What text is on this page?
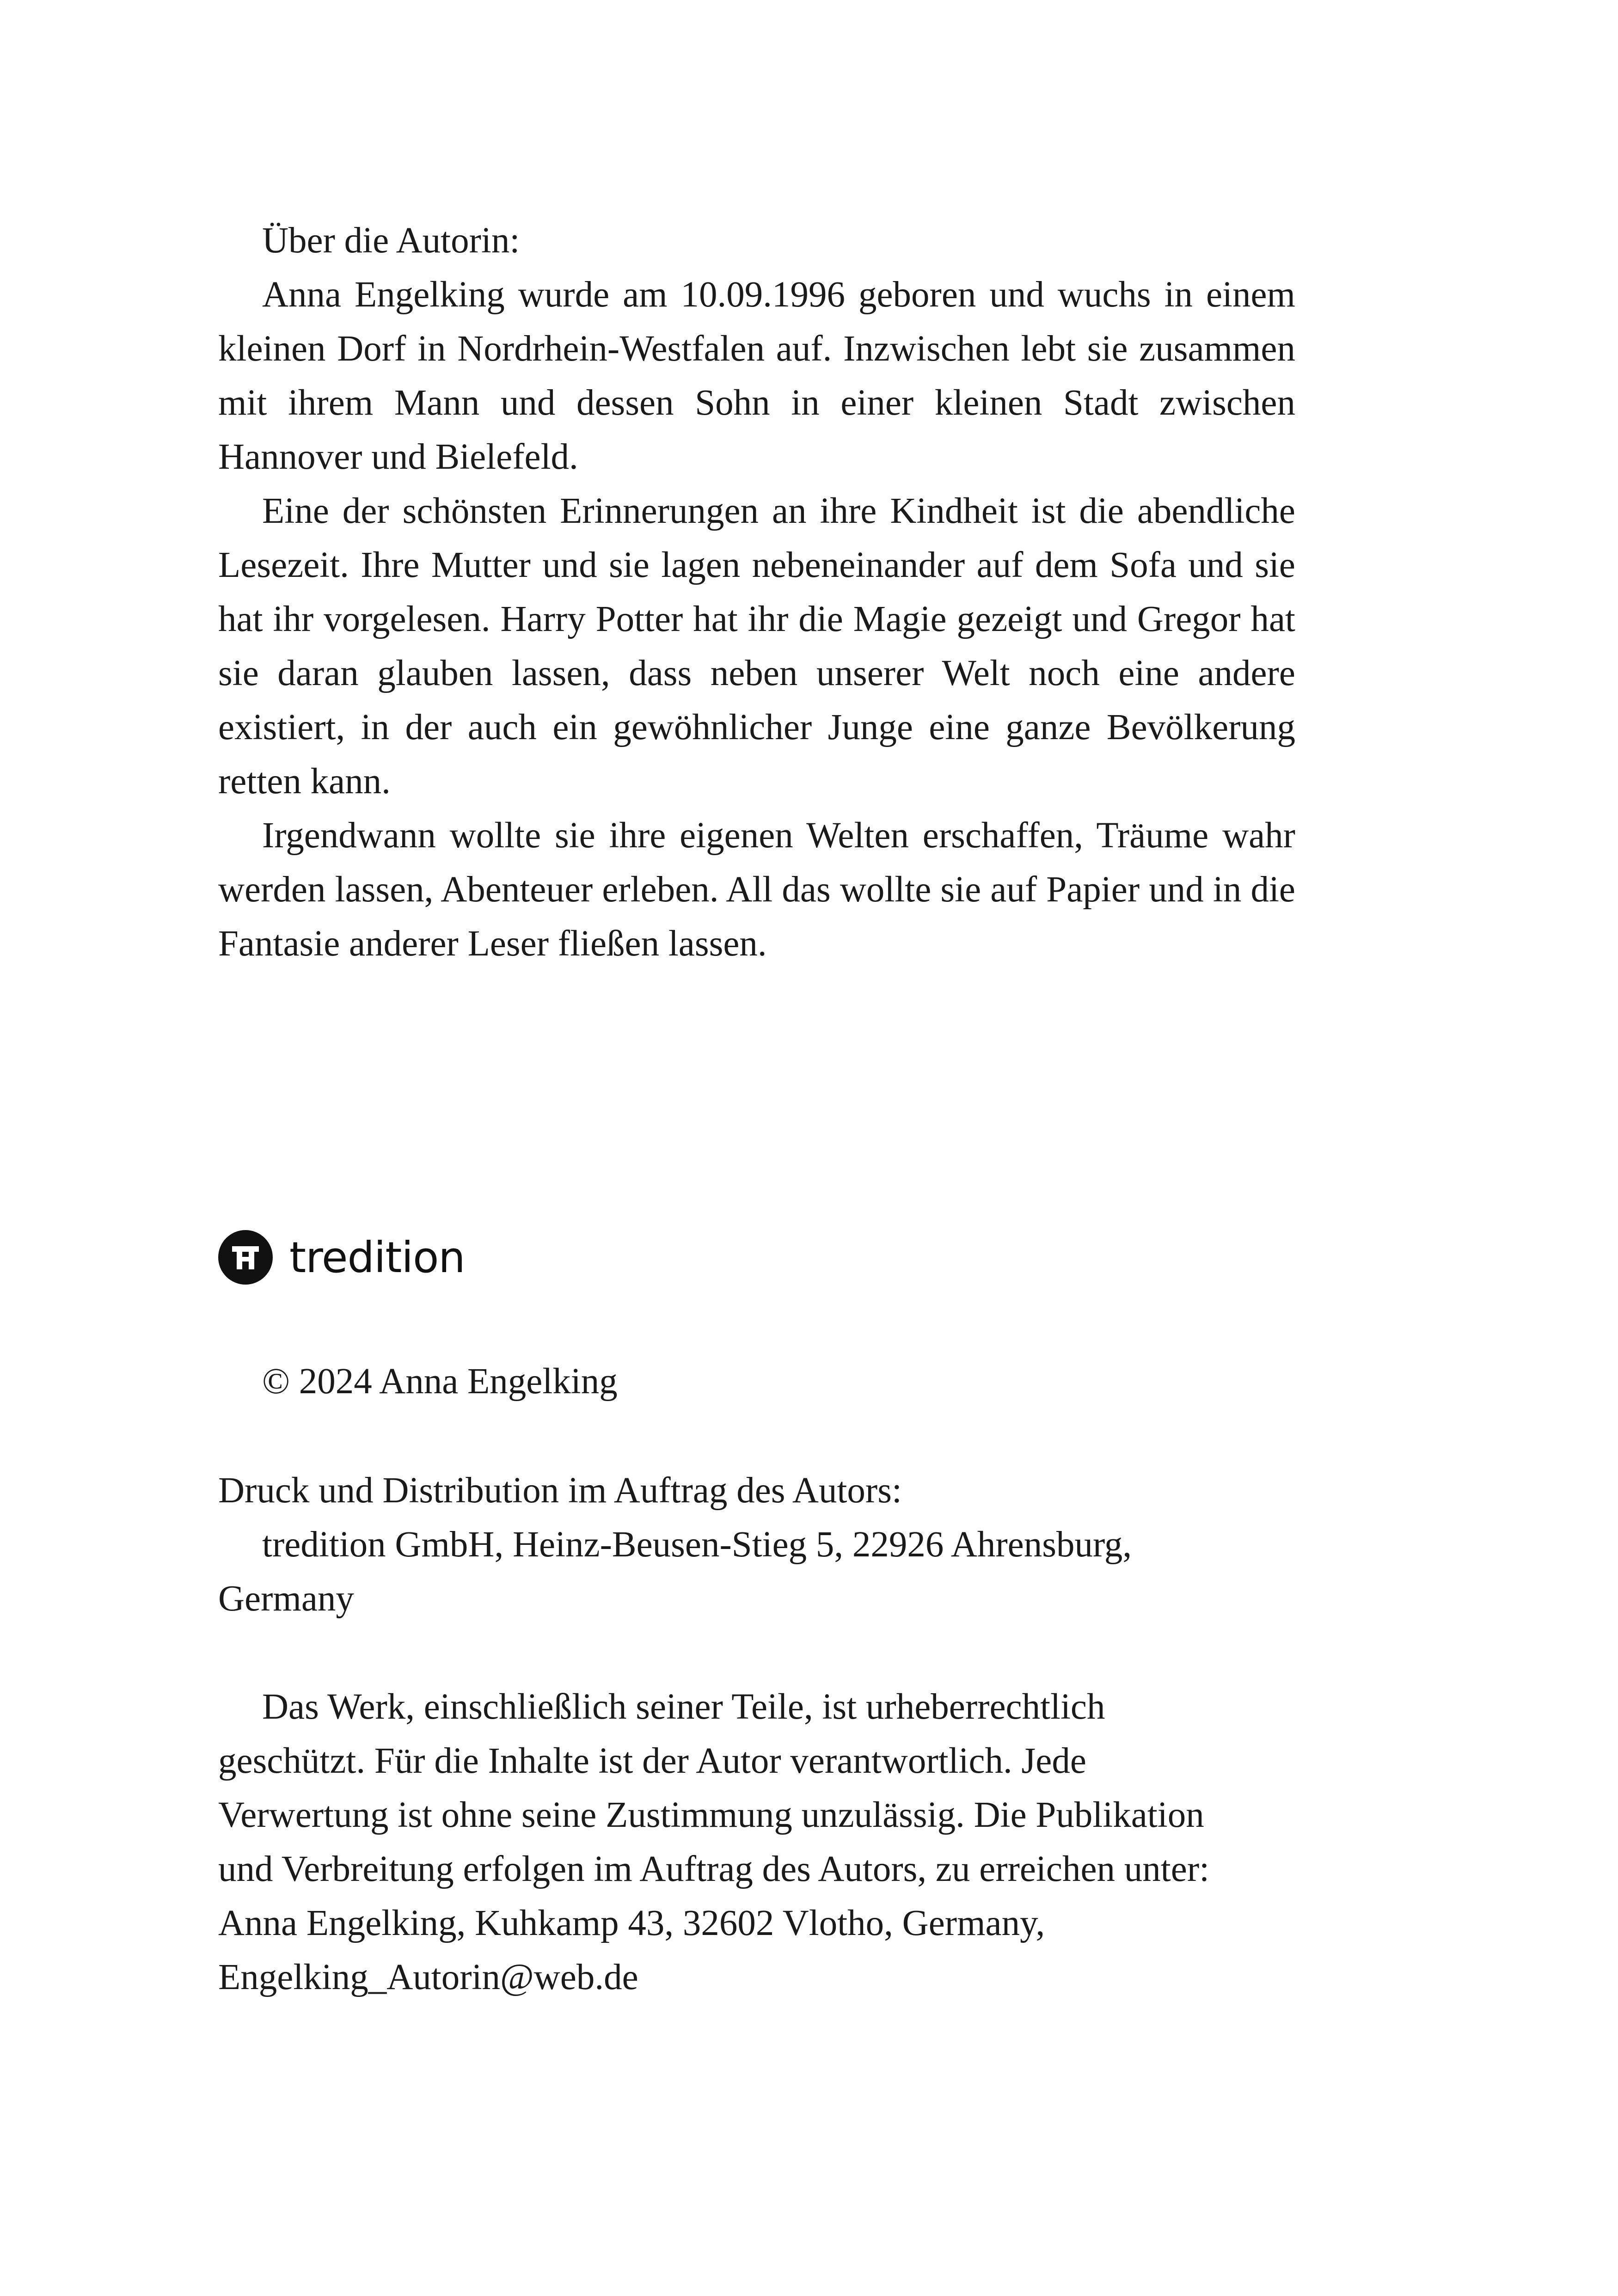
Über die Autorin:

Anna Engelking wurde am 10.09.1996 geboren und wuchs in einem kleinen Dorf in Nordrhein-Westfalen auf. Inzwischen lebt sie zusammen mit ihrem Mann und dessen Sohn in einer kleinen Stadt zwischen Hannover und Bielefeld.

Eine der schönsten Erinnerungen an ihre Kindheit ist die abendliche Lesezeit. Ihre Mutter und sie lagen nebeneinander auf dem Sofa und sie hat ihr vorgelesen. Harry Potter hat ihr die Magie gezeigt und Gregor hat sie daran glauben lassen, dass neben unserer Welt noch eine andere existiert, in der auch ein gewöhnlicher Junge eine ganze Bevölkerung retten kann.

Irgendwann wollte sie ihre eigenen Welten erschaffen, Träume wahr werden lassen, Abenteuer erleben. All das wollte sie auf Papier und in die Fantasie anderer Leser fließen lassen.

tredition

© 2024 Anna Engelking

Druck und Distribution im Auftrag des Autors:

tredition GmbH, Heinz-Beusen-Stieg 5, 22926 Ahrensburg,

Germany

Das Werk, einschließlich seiner Teile, ist urheberrechtlich

geschützt. Für die Inhalte ist der Autor verantwortlich. Jede

Verwertung ist ohne seine Zustimmung unzulässig. Die Publikation

und Verbreitung erfolgen im Auftrag des Autors, zu erreichen unter:

Anna Engelking, Kuhkamp 43, 32602 Vlotho, Germany,

Engelking_Autorin@web.de
